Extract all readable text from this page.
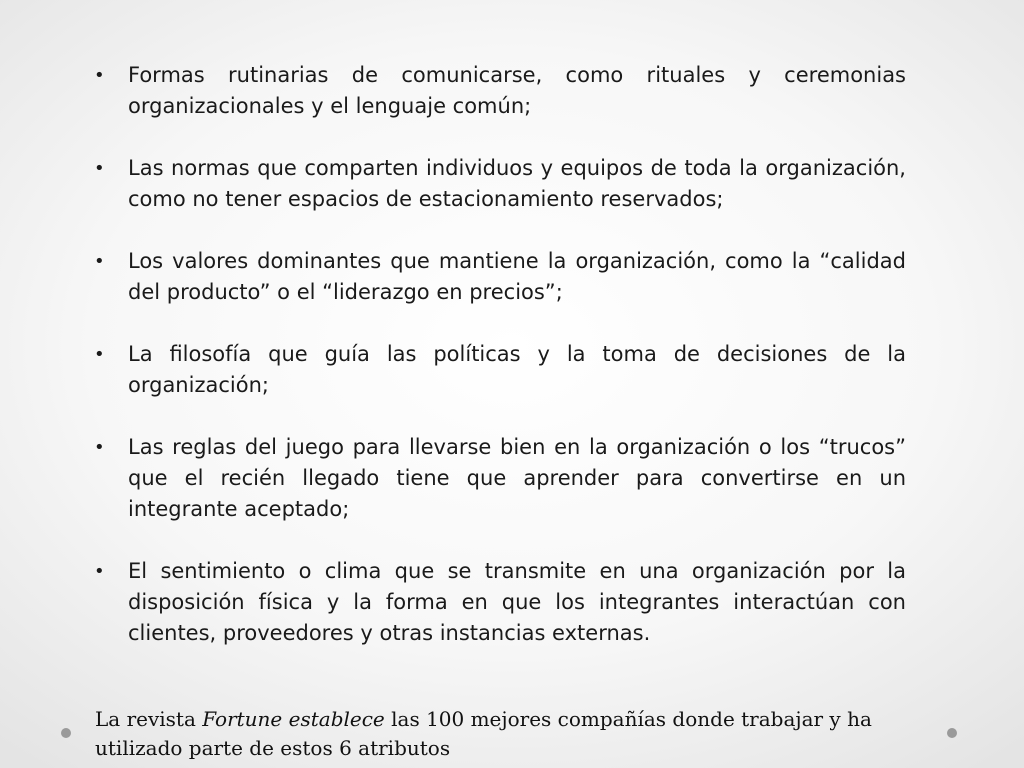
• Formas rutinarias de comunicarse, como rituales y ceremonias organizacionales y el lenguaje común;
• Las normas que comparten individuos y equipos de toda la organización, como no tener espacios de estacionamiento reservados;
• Los valores dominantes que mantiene la organización, como la “calidad del producto” o el “liderazgo en precios”;
• La filosofía que guía las políticas y la toma de decisiones de la organización;
• Las reglas del juego para llevarse bien en la organización o los “trucos” que el recién llegado tiene que aprender para convertirse en un integrante aceptado;
• El sentimiento o clima que se transmite en una organización por la disposición física y la forma en que los integrantes interactúan con clientes, proveedores y otras instancias externas.

La revista Fortune establece las 100 mejores compañías donde trabajar y ha utilizado parte de estos 6 atributos
